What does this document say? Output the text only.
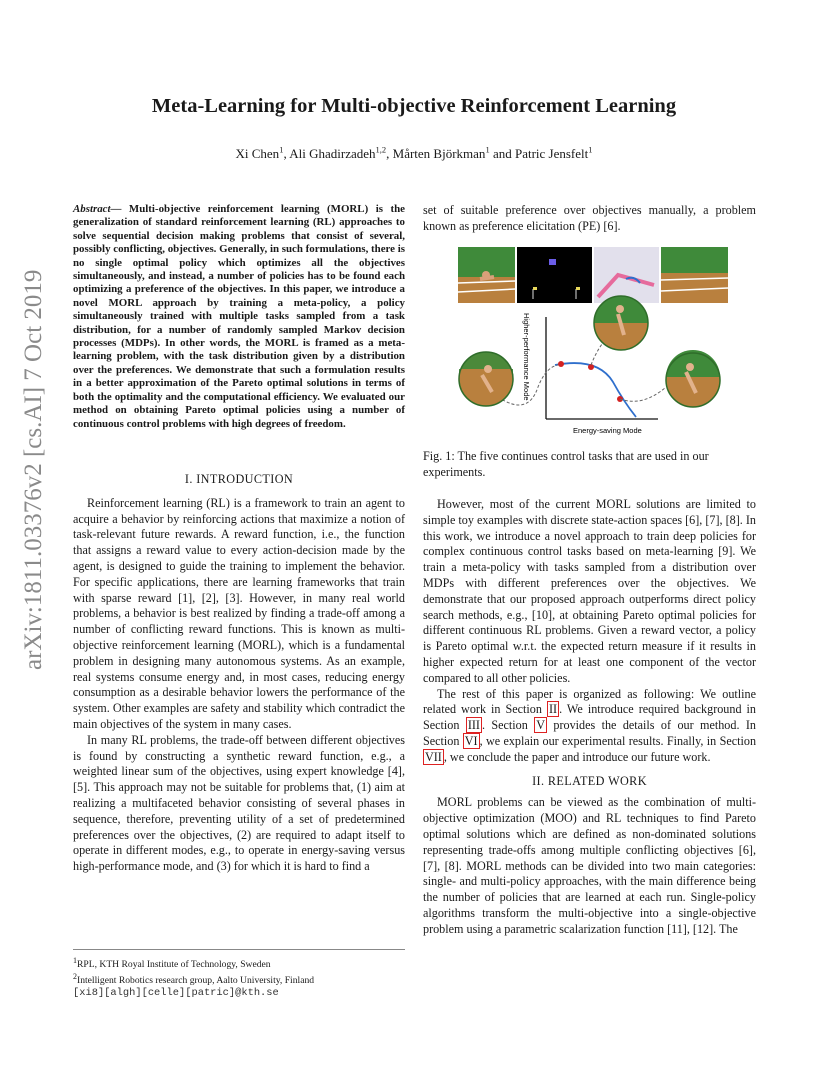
Meta-Learning for Multi-objective Reinforcement Learning
Xi Chen$^1$, Ali Ghadirzadeh$^{1,2}$, Mårten Björkman$^1$ and Patric Jensfelt$^1$
arXiv:1811.03376v2 [cs.AI] 7 Oct 2019
Abstract— Multi-objective reinforcement learning (MORL) is the generalization of standard reinforcement learning (RL) approaches to solve sequential decision making problems that consist of several, possibly conflicting, objectives. Generally, in such formulations, there is no single optimal policy which optimizes all the objectives simultaneously, and instead, a number of policies has to be found each optimizing a preference of the objectives. In this paper, we introduce a novel MORL approach by training a meta-policy, a policy simultaneously trained with multiple tasks sampled from a task distribution, for a number of randomly sampled Markov decision processes (MDPs). In other words, the MORL is framed as a meta-learning problem, with the task distribution given by a distribution over the preferences. We demonstrate that such a formulation results in a better approximation of the Pareto optimal solutions in terms of both the optimality and the computational efficiency. We evaluated our method on obtaining Pareto optimal policies using a number of continuous control problems with high degrees of freedom.
I. INTRODUCTION

Reinforcement learning (RL) is a framework to train an agent to acquire a behavior by reinforcing actions that maximize a notion of task-relevant future rewards. A reward function, i.e., the function that assigns a reward value to every action-decision made by the agent, is designed to guide the training to implement the behavior. For specific applications, there are learning frameworks that train with sparse reward [1], [2], [3]. However, in many real world problems, a behavior is best realized by finding a trade-off among a number of conflicting reward functions. This is known as multi-objective reinforcement learning (MORL), which is a fundamental problem in designing many autonomous systems. As an example, real systems consume energy and, in most cases, reducing energy consumption as a desirable behavior lowers the performance of the system. Other examples are safety and stability which contradict the main objectives of the system in many cases.

In many RL problems, the trade-off between different objectives is found by constructing a synthetic reward function, e.g., a weighted linear sum of the objectives, using expert knowledge [4], [5]. This approach may not be suitable for problems that, (1) aim at realizing a multifaceted behavior consisting of several phases in sequence, therefore, preventing utility of a set of predetermined preferences over the objectives, (2) are required to adapt itself to operate in different modes, e.g., to operate in energy-saving versus high-performance mode, and (3) for which it is hard to find a

$^1$RPL, KTH Royal Institute of Technology, Sweden
$^2$Intelligent Robotics research group, Aalto University, Finland
[xi8][algh][celle][patric]@kth.se

set of suitable preference over objectives manually, a problem known as preference elicitation (PE) [6].

Higher-performance Mode
Energy-saving Mode
Fig. 1: The five continues control tasks that are used in our experiments.

However, most of the current MORL solutions are limited to simple toy examples with discrete state-action spaces [6], [7], [8]. In this work, we introduce a novel approach to train deep policies for complex continuous control tasks based on meta-learning [9]. We train a meta-policy with tasks sampled from a distribution over MDPs with different preferences over the objectives. We demonstrate that our proposed approach outperforms direct policy search methods, e.g., [10], at obtaining Pareto optimal policies for different continuous RL problems. Given a reward vector, a policy is Pareto optimal w.r.t. the expected return measure if it results in higher expected return for at least one component of the vector compared to all other policies.

The rest of this paper is organized as following: We outline related work in Section II . We introduce required background in Section III . Section V provides the details of our method. In Section VI , we explain our experimental results. Finally, in Section VII , we conclude the paper and introduce our future work.

II. RELATED WORK

MORL problems can be viewed as the combination of multi-objective optimization (MOO) and RL techniques to find Pareto optimal solutions which are defined as non-dominated solutions representing trade-offs among multiple conflicting objectives [6], [7], [8]. MORL methods can be divided into two main categories: single- and multi-policy approaches, with the main difference being the number of policies that are learned at each run. Single-policy algorithms transform the multi-objective into a single-objective problem using a parametric scalarization function [11], [12]. The
